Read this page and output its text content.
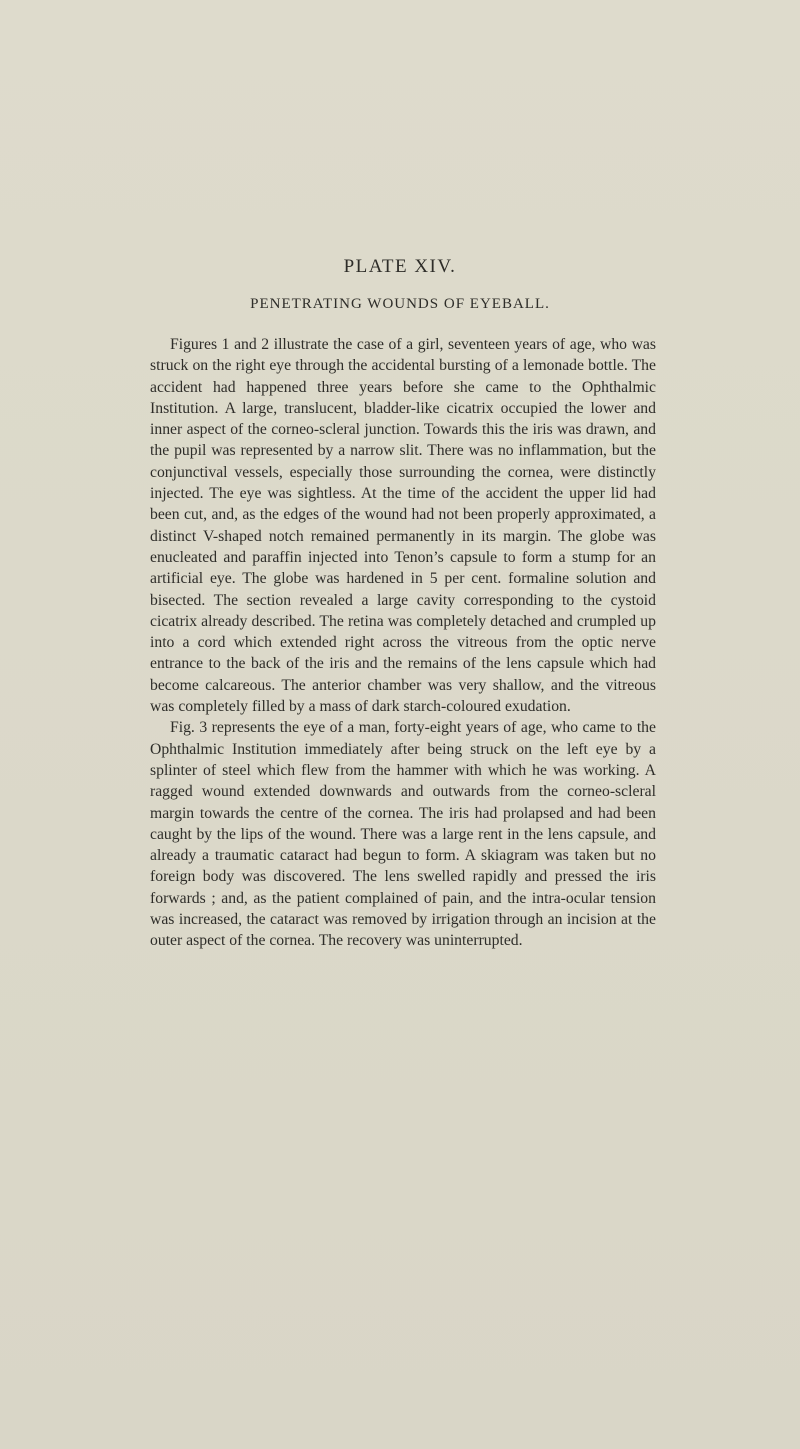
PLATE XIV.
PENETRATING WOUNDS OF EYEBALL.

Figures 1 and 2 illustrate the case of a girl, seventeen years of age, who was struck on the right eye through the accidental bursting of a lemonade bottle. The accident had happened three years before she came to the Ophthalmic Institution. A large, translucent, bladder-like cicatrix occupied the lower and inner aspect of the corneo-scleral junction. Towards this the iris was drawn, and the pupil was represented by a narrow slit. There was no inflammation, but the conjunctival vessels, especially those surrounding the cornea, were distinctly injected. The eye was sightless. At the time of the accident the upper lid had been cut, and, as the edges of the wound had not been properly approximated, a distinct V-shaped notch remained permanently in its margin. The globe was enucleated and paraffin injected into Tenon’s capsule to form a stump for an artificial eye. The globe was hardened in 5 per cent. formaline solution and bisected. The section revealed a large cavity corresponding to the cystoid cicatrix already described. The retina was completely detached and crumpled up into a cord which extended right across the vitreous from the optic nerve entrance to the back of the iris and the remains of the lens capsule which had become calcareous. The anterior chamber was very shallow, and the vitreous was completely filled by a mass of dark starch-coloured exudation.

Fig. 3 represents the eye of a man, forty-eight years of age, who came to the Ophthalmic Institution immediately after being struck on the left eye by a splinter of steel which flew from the hammer with which he was working. A ragged wound extended downwards and outwards from the corneo-scleral margin towards the centre of the cornea. The iris had prolapsed and had been caught by the lips of the wound. There was a large rent in the lens capsule, and already a traumatic cataract had begun to form. A skiagram was taken but no foreign body was discovered. The lens swelled rapidly and pressed the iris forwards ; and, as the patient complained of pain, and the intra-ocular tension was increased, the cataract was removed by irrigation through an incision at the outer aspect of the cornea. The recovery was uninterrupted.
